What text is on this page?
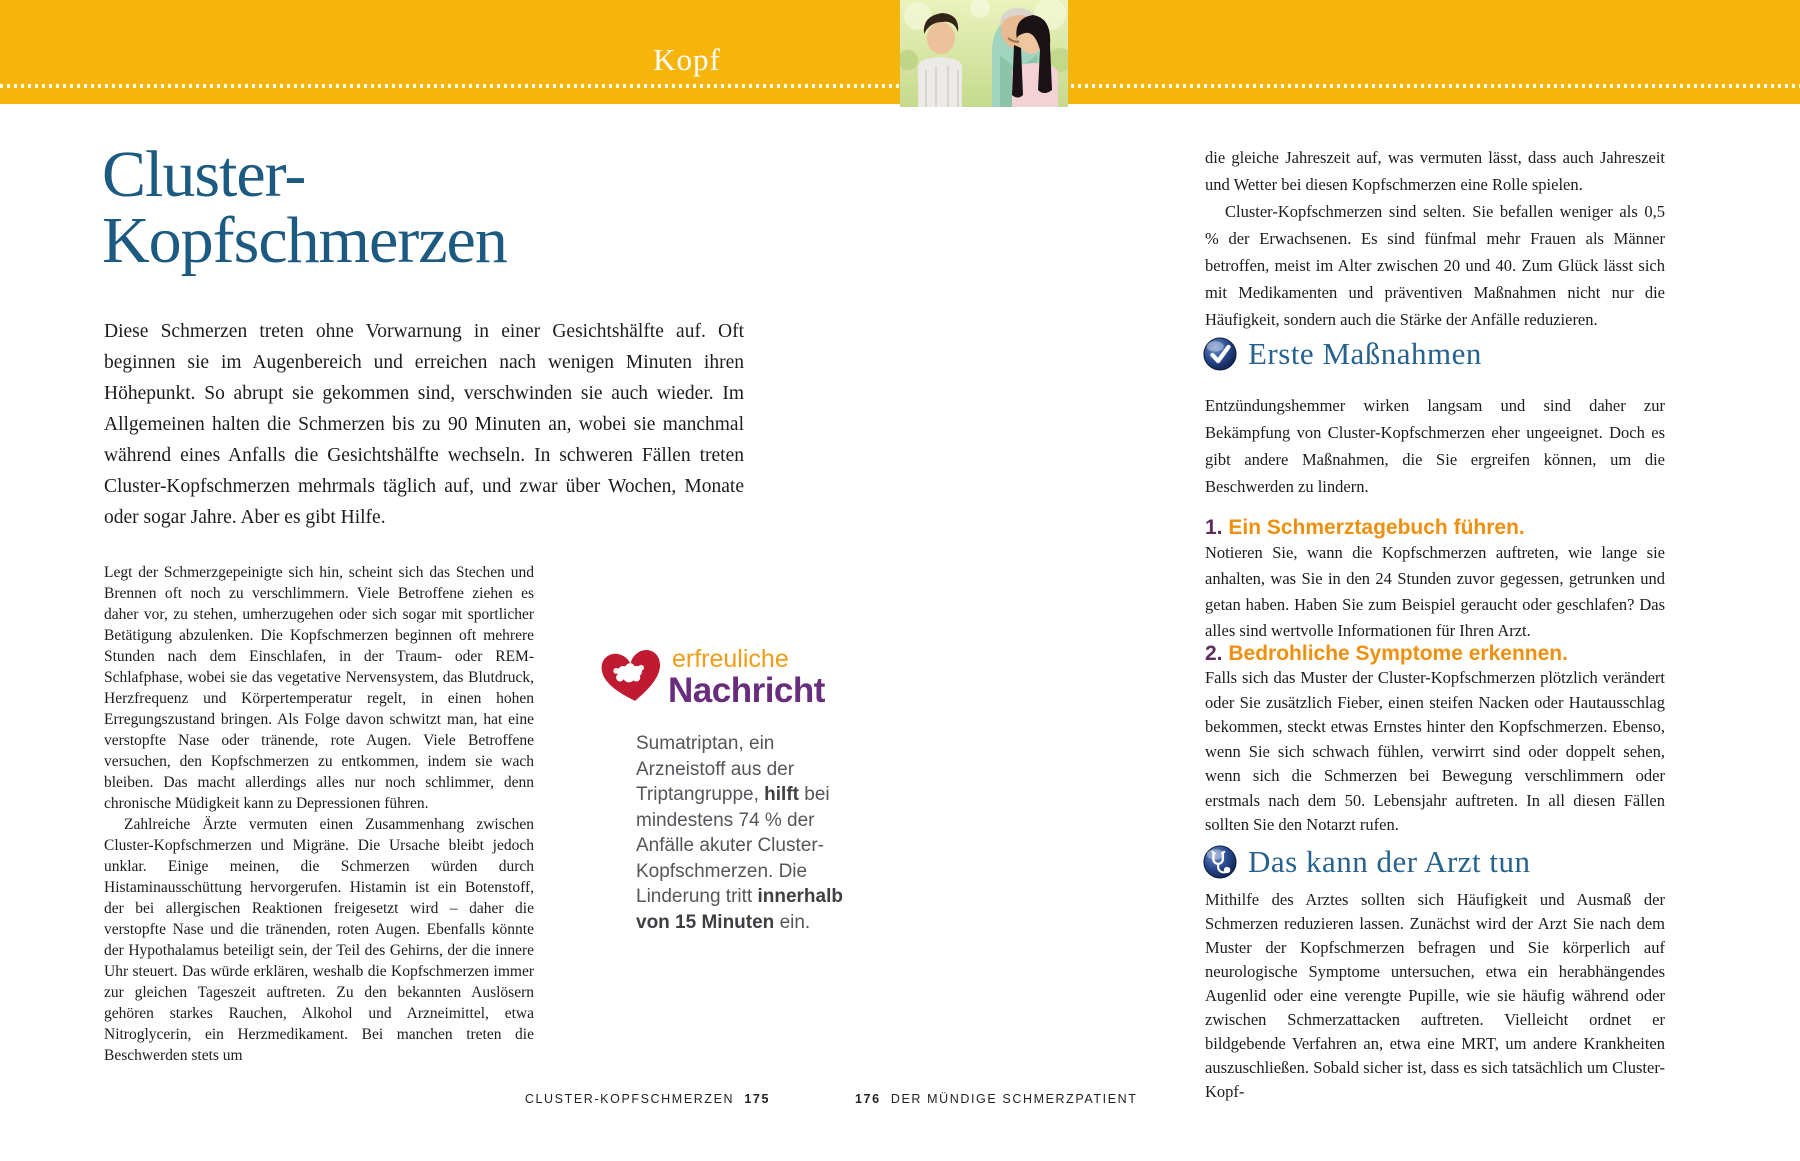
Kopf
Cluster-
Kopfschmerzen
Diese Schmerzen treten ohne Vorwarnung in einer Gesichtshälfte auf. Oft beginnen sie im Augenbereich und erreichen nach wenigen Minuten ihren Höhepunkt. So abrupt sie gekommen sind, verschwinden sie auch wieder. Im Allgemeinen halten die Schmerzen bis zu 90 Minuten an, wobei sie manchmal während eines Anfalls die Gesichtshälfte wechseln. In schweren Fällen treten Cluster-Kopfschmerzen mehrmals täglich auf, und zwar über Wochen, Monate oder sogar Jahre. Aber es gibt Hilfe.

Legt der Schmerzgepeinigte sich hin, scheint sich das Stechen und Brennen oft noch zu verschlimmern. Viele Betroffene ziehen es daher vor, zu stehen, umherzugehen oder sich sogar mit sportlicher Betätigung abzulenken. Die Kopfschmerzen beginnen oft mehrere Stunden nach dem Einschlafen, in der Traum- oder REM-Schlafphase, wobei sie das vegetative Nervensystem, das Blutdruck, Herzfrequenz und Körpertemperatur regelt, in einen hohen Erregungszustand bringen. Als Folge davon schwitzt man, hat eine verstopfte Nase oder tränende, rote Augen. Viele Betroffene versuchen, den Kopfschmerzen zu entkommen, indem sie wach bleiben. Das macht allerdings alles nur noch schlimmer, denn chronische Müdigkeit kann zu Depressionen führen.

Zahlreiche Ärzte vermuten einen Zusammenhang zwischen Cluster-Kopfschmerzen und Migräne. Die Ursache bleibt jedoch unklar. Einige meinen, die Schmerzen würden durch Histaminausschüttung hervorgerufen. Histamin ist ein Botenstoff, der bei allergischen Reaktionen freigesetzt wird – daher die verstopfte Nase und die tränenden, roten Augen. Ebenfalls könnte der Hypothalamus beteiligt sein, der Teil des Gehirns, der die innere Uhr steuert. Das würde erklären, weshalb die Kopfschmerzen immer zur gleichen Tageszeit auftreten. Zu den bekannten Auslösern gehören starkes Rauchen, Alkohol und Arzneimittel, etwa Nitroglycerin, ein Herzmedikament. Bei manchen treten die Beschwerden stets um

erfreuliche
Nachricht
Sumatriptan, ein Arzneistoff aus der Triptangruppe, hilft bei mindestens 74 % der Anfälle akuter Cluster-Kopfschmerzen. Die Linderung tritt innerhalb von 15 Minuten ein.
CLUSTER-KOPFSCHMERZEN 175

die gleiche Jahreszeit auf, was vermuten lässt, dass auch Jahreszeit und Wetter bei diesen Kopfschmerzen eine Rolle spielen.

Cluster-Kopfschmerzen sind selten. Sie befallen weniger als 0,5 % der Erwachsenen. Es sind fünfmal mehr Frauen als Männer betroffen, meist im Alter zwischen 20 und 40. Zum Glück lässt sich mit Medikamenten und präventiven Maßnahmen nicht nur die Häufigkeit, sondern auch die Stärke der Anfälle reduzieren.

Erste Maßnahmen
Entzündungshemmer wirken langsam und sind daher zur Bekämpfung von Cluster-Kopfschmerzen eher ungeeignet. Doch es gibt andere Maßnahmen, die Sie ergreifen können, um die Beschwerden zu lindern.

1. Ein Schmerztagebuch führen.

Notieren Sie, wann die Kopfschmerzen auftreten, wie lange sie anhalten, was Sie in den 24 Stunden zuvor gegessen, getrunken und getan haben. Haben Sie zum Beispiel geraucht oder geschlafen? Das alles sind wertvolle Informationen für Ihren Arzt.

2. Bedrohliche Symptome erkennen.

Falls sich das Muster der Cluster-Kopfschmerzen plötzlich verändert oder Sie zusätzlich Fieber, einen steifen Nacken oder Hautausschlag bekommen, steckt etwas Ernstes hinter den Kopfschmerzen. Ebenso, wenn Sie sich schwach fühlen, verwirrt sind oder doppelt sehen, wenn sich die Schmerzen bei Bewegung verschlimmern oder erstmals nach dem 50. Lebensjahr auftreten. In all diesen Fällen sollten Sie den Notarzt rufen.

Das kann der Arzt tun
Mithilfe des Arztes sollten sich Häufigkeit und Ausmaß der Schmerzen reduzieren lassen. Zunächst wird der Arzt Sie nach dem Muster der Kopfschmerzen befragen und Sie körperlich auf neurologische Symptome untersuchen, etwa ein herabhängendes Augenlid oder eine verengte Pupille, wie sie häufig während oder zwischen Schmerzattacken auftreten. Vielleicht ordnet er bildgebende Verfahren an, etwa eine MRT, um andere Krankheiten auszuschließen. Sobald sicher ist, dass es sich tatsächlich um Cluster-Kopf-
176 DER MÜNDIGE SCHMERZPATIENT
